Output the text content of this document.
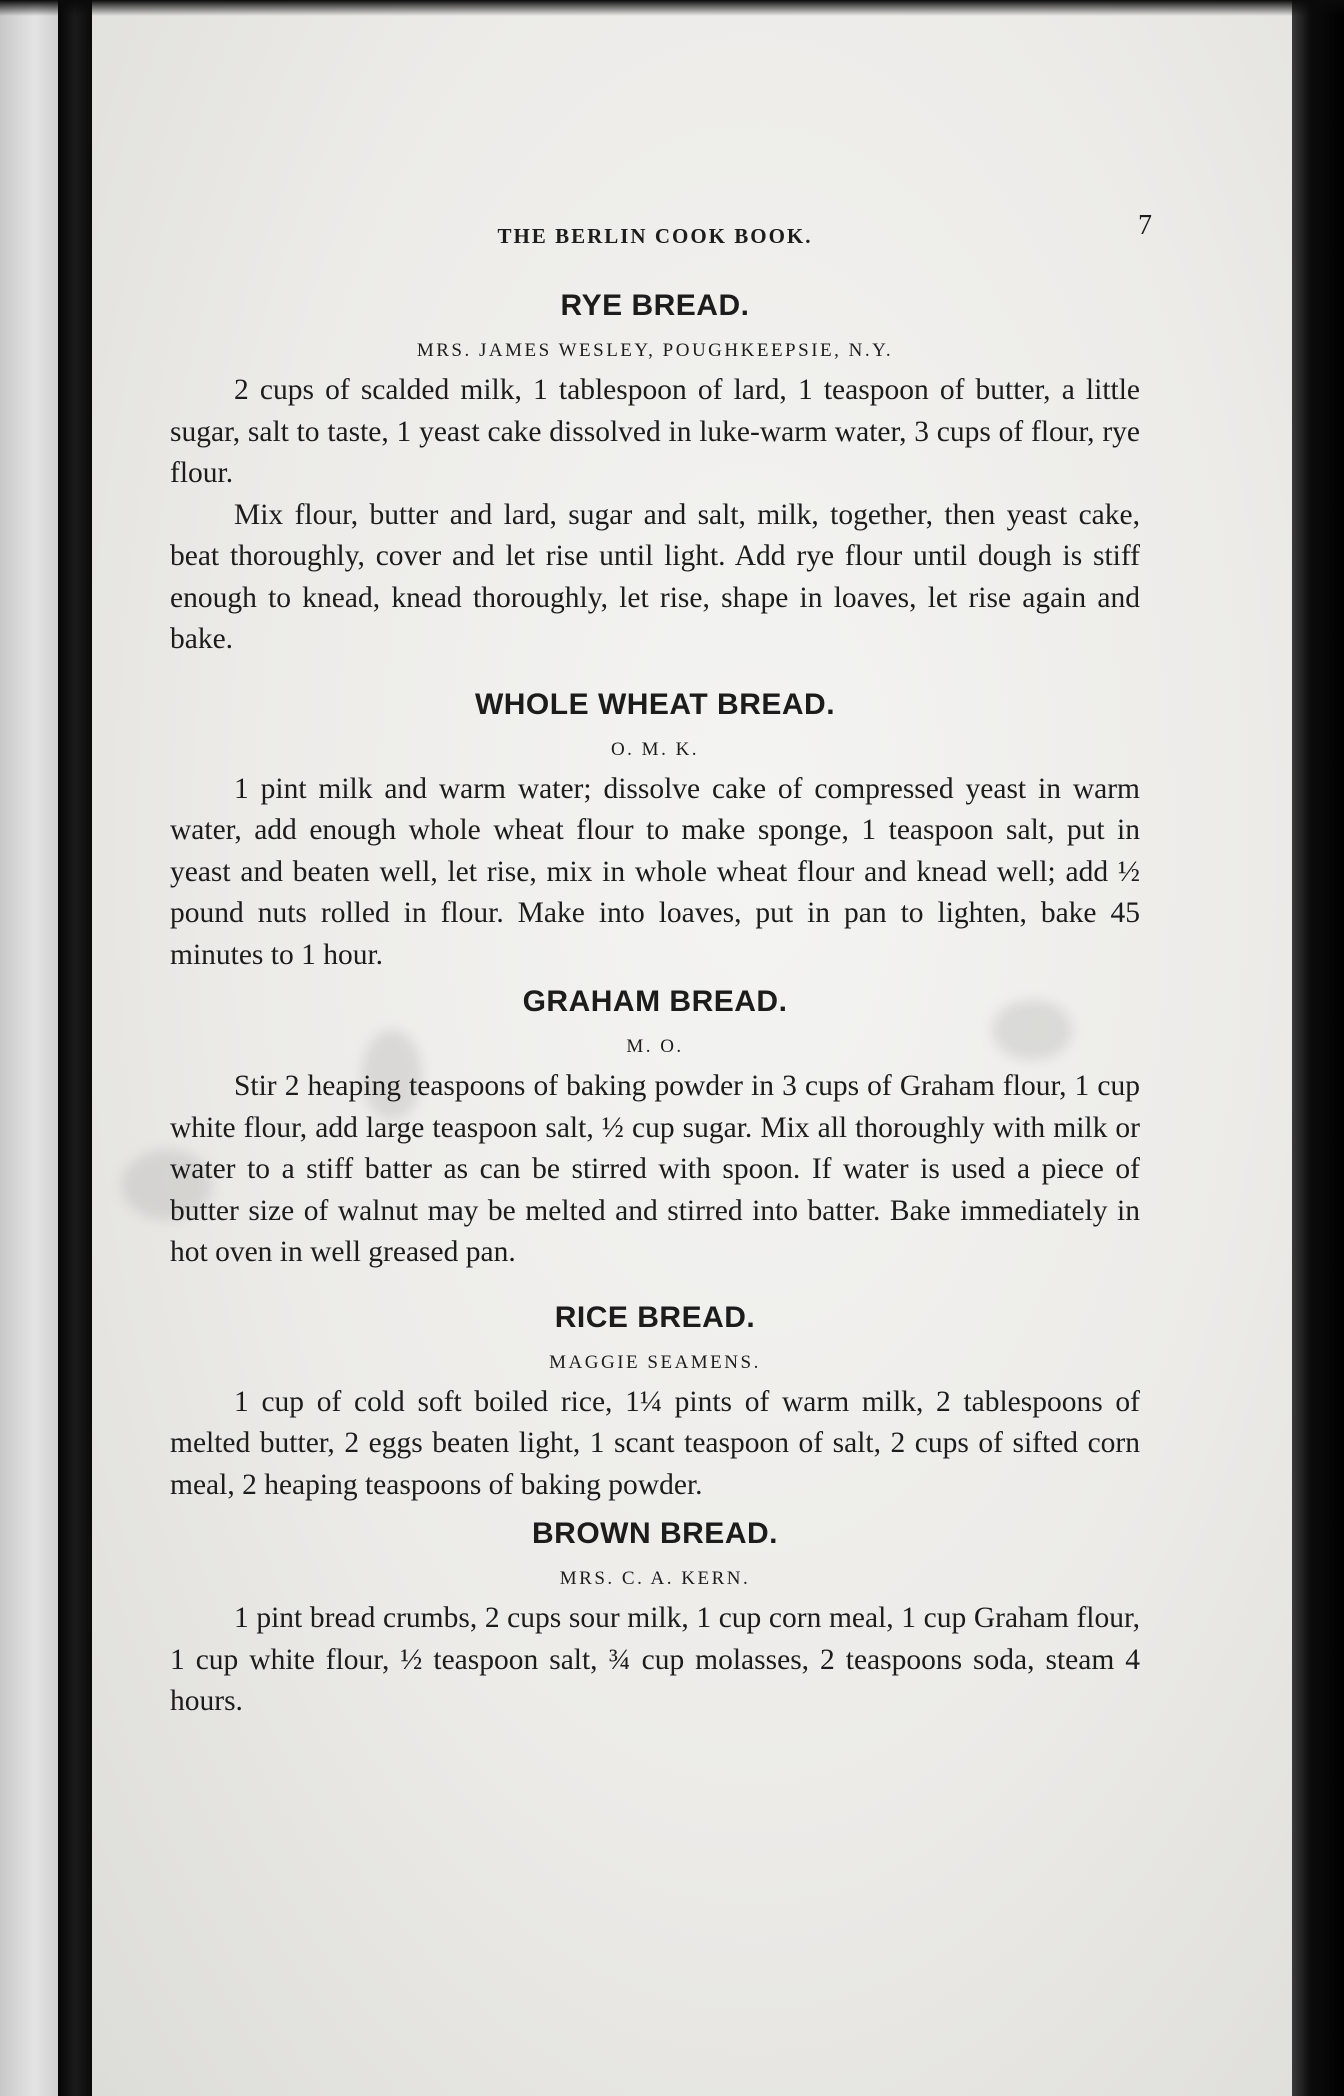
THE BERLIN COOK BOOK.	7
RYE BREAD.
MRS. JAMES WESLEY, POUGHKEEPSIE, N.Y.

2 cups of scalded milk, 1 tablespoon of lard, 1 teaspoon of butter, a little sugar, salt to taste, 1 yeast cake dissolved in luke-warm water, 3 cups of flour, rye flour.

Mix flour, butter and lard, sugar and salt, milk, together, then yeast cake, beat thoroughly, cover and let rise until light. Add rye flour until dough is stiff enough to knead, knead thoroughly, let rise, shape in loaves, let rise again and bake.

WHOLE WHEAT BREAD.
O. M. K.

1 pint milk and warm water; dissolve cake of compressed yeast in warm water, add enough whole wheat flour to make sponge, 1 teaspoon salt, put in yeast and beaten well, let rise, mix in whole wheat flour and knead well; add ½ pound nuts rolled in flour. Make into loaves, put in pan to lighten, bake 45 minutes to 1 hour.

GRAHAM BREAD.
M. O.

Stir 2 heaping teaspoons of baking powder in 3 cups of Graham flour, 1 cup white flour, add large teaspoon salt, ½ cup sugar. Mix all thoroughly with milk or water to a stiff batter as can be stirred with spoon. If water is used a piece of butter size of walnut may be melted and stirred into batter. Bake immediately in hot oven in well greased pan.

RICE BREAD.
MAGGIE SEAMENS.

1 cup of cold soft boiled rice, 1¼ pints of warm milk, 2 tablespoons of melted butter, 2 eggs beaten light, 1 scant teaspoon of salt, 2 cups of sifted corn meal, 2 heaping teaspoons of baking powder.

BROWN BREAD.
MRS. C. A. KERN.

1 pint bread crumbs, 2 cups sour milk, 1 cup corn meal, 1 cup Graham flour, 1 cup white flour, ½ teaspoon salt, ¾ cup molasses, 2 teaspoons soda, steam 4 hours.
